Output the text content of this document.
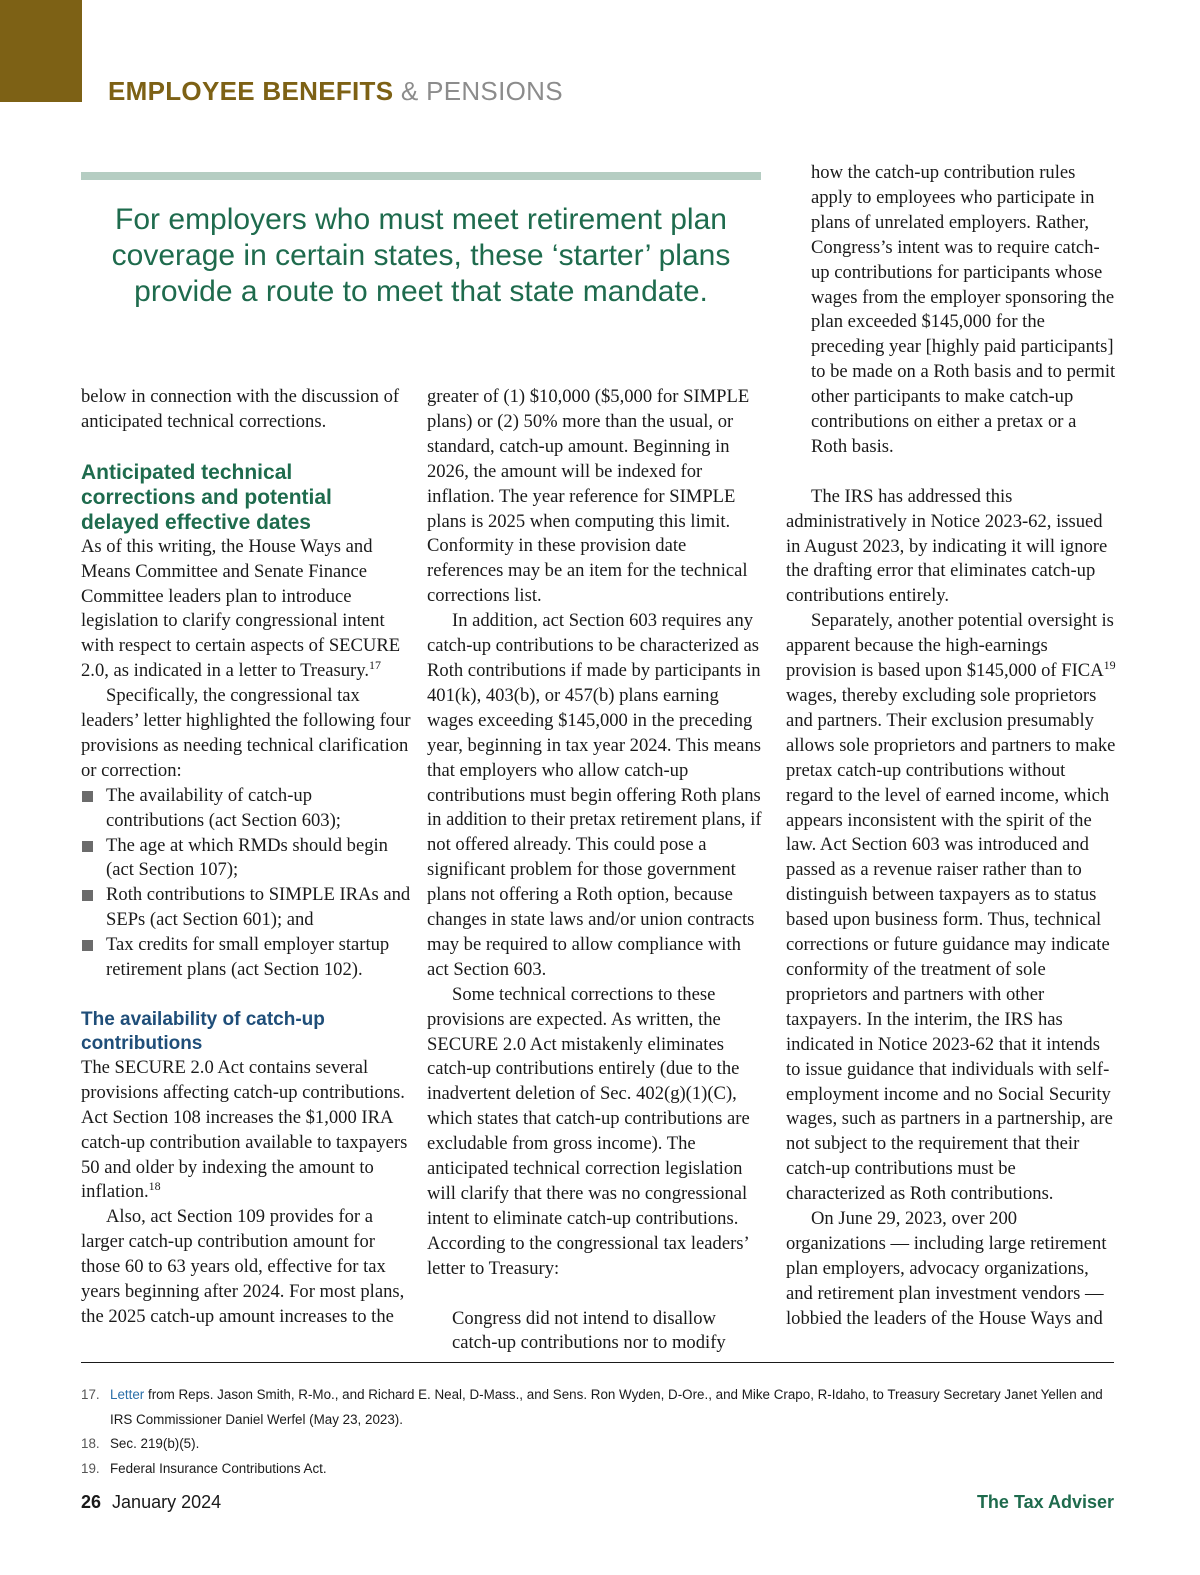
EMPLOYEE BENEFITS & PENSIONS
For employers who must meet retirement plan coverage in certain states, these ‘starter’ plans provide a route to meet that state mandate.

below in connection with the discussion of anticipated technical corrections.

Anticipated technical corrections and potential delayed effective dates

As of this writing, the House Ways and Means Committee and Senate Finance Committee leaders plan to introduce legislation to clarify congressional intent with respect to certain aspects of SECURE 2.0, as indicated in a letter to Treasury.$^{17}$

Specifically, the congressional tax leaders’ letter highlighted the following four provisions as needing technical clarification or correction:

The availability of catch-up contributions (act Section 603);
The age at which RMDs should begin (act Section 107);
Roth contributions to SIMPLE IRAs and SEPs (act Section 601); and
Tax credits for small employer startup retirement plans (act Section 102).
The availability of catch-up contributions

The SECURE 2.0 Act contains several provisions affecting catch-up contributions. Act Section 108 increases the $1,000 IRA catch-up contribution available to taxpayers 50 and older by indexing the amount to inflation.$^{18}$

Also, act Section 109 provides for a larger catch-up contribution amount for those 60 to 63 years old, effective for tax years beginning after 2024. For most plans, the 2025 catch-up amount increases to the

greater of (1) $10,000 ($5,000 for SIMPLE plans) or (2) 50% more than the usual, or standard, catch-up amount. Beginning in 2026, the amount will be indexed for inflation. The year reference for SIMPLE plans is 2025 when computing this limit. Conformity in these provision date references may be an item for the technical corrections list.

In addition, act Section 603 requires any catch-up contributions to be characterized as Roth contributions if made by participants in 401(k), 403(b), or 457(b) plans earning wages exceeding $145,000 in the preceding year, beginning in tax year 2024. This means that employers who allow catch-up contributions must begin offering Roth plans in addition to their pretax retirement plans, if not offered already. This could pose a significant problem for those government plans not offering a Roth option, because changes in state laws and/or union contracts may be required to allow compliance with act Section 603.

Some technical corrections to these provisions are expected. As written, the SECURE 2.0 Act mistakenly eliminates catch-up contributions entirely (due to the inadvertent deletion of Sec. 402(g)(1)(C), which states that catch-up contributions are excludable from gross income). The anticipated technical correction legislation will clarify that there was no congressional intent to eliminate catch-up contributions. According to the congressional tax leaders’ letter to Treasury:

Congress did not intend to disallow catch-up contributions nor to modify

how the catch-up contribution rules apply to employees who participate in plans of unrelated employers. Rather, Congress’s intent was to require catch-up contributions for participants whose wages from the employer sponsoring the plan exceeded $145,000 for the preceding year [highly paid participants] to be made on a Roth basis and to permit other participants to make catch-up contributions on either a pretax or a Roth basis.

The IRS has addressed this administratively in Notice 2023-62, issued in August 2023, by indicating it will ignore the drafting error that eliminates catch-up contributions entirely.

Separately, another potential oversight is apparent because the high-earnings provision is based upon $145,000 of FICA$^{19}$ wages, thereby excluding sole proprietors and partners. Their exclusion presumably allows sole proprietors and partners to make pretax catch-up contributions without regard to the level of earned income, which appears inconsistent with the spirit of the law. Act Section 603 was introduced and passed as a revenue raiser rather than to distinguish between taxpayers as to status based upon business form. Thus, technical corrections or future guidance may indicate conformity of the treatment of sole proprietors and partners with other taxpayers. In the interim, the IRS has indicated in Notice 2023-62 that it intends to issue guidance that individuals with self-employment income and no Social Security wages, such as partners in a partnership, are not subject to the requirement that their catch-up contributions must be characterized as Roth contributions.

On June 29, 2023, over 200 organizations — including large retirement plan employers, advocacy organizations, and retirement plan investment vendors — lobbied the leaders of the House Ways and

17. Letter from Reps. Jason Smith, R-Mo., and Richard E. Neal, D-Mass., and Sens. Ron Wyden, D-Ore., and Mike Crapo, R-Idaho, to Treasury Secretary Janet Yellen and IRS Commissioner Daniel Werfel (May 23, 2023).
18. Sec. 219(b)(5).
19. Federal Insurance Contributions Act.
26 January 2024	The Tax Adviser
